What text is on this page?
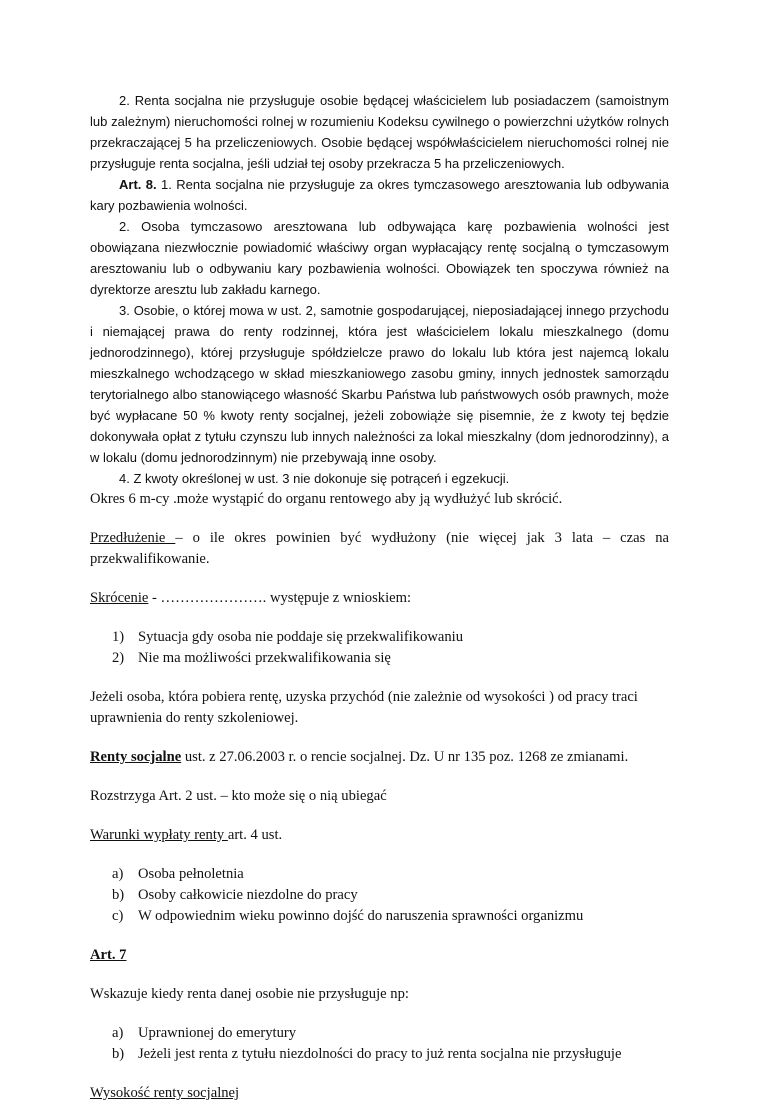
2. Renta socjalna nie przysługuje osobie będącej właścicielem lub posiadaczem (samoistnym lub zależnym) nieruchomości rolnej w rozumieniu Kodeksu cywilnego o powierzchni użytków rolnych przekraczającej 5 ha przeliczeniowych. Osobie będącej współwłaścicielem nieruchomości rolnej nie przysługuje renta socjalna, jeśli udział tej osoby przekracza 5 ha przeliczeniowych.

Art. 8. 1. Renta socjalna nie przysługuje za okres tymczasowego aresztowania lub odbywania kary pozbawienia wolności.

2. Osoba tymczasowo aresztowana lub odbywająca karę pozbawienia wolności jest obowiązana niezwłocznie powiadomić właściwy organ wypłacający rentę socjalną o tymczasowym aresztowaniu lub o odbywaniu kary pozbawienia wolności. Obowiązek ten spoczywa również na dyrektorze aresztu lub zakładu karnego.

3. Osobie, o której mowa w ust. 2, samotnie gospodarującej, nieposiadającej innego przychodu i niemającej prawa do renty rodzinnej, która jest właścicielem lokalu mieszkalnego (domu jednorodzinnego), której przysługuje spółdzielcze prawo do lokalu lub która jest najemcą lokalu mieszkalnego wchodzącego w skład mieszkaniowego zasobu gminy, innych jednostek samorządu terytorialnego albo stanowiącego własność Skarbu Państwa lub państwowych osób prawnych, może być wypłacane 50 % kwoty renty socjalnej, jeżeli zobowiąże się pisemnie, że z kwoty tej będzie dokonywała opłat z tytułu czynszu lub innych należności za lokal mieszkalny (dom jednorodzinny), a w lokalu (domu jednorodzinnym) nie przebywają inne osoby.

4. Z kwoty określonej w ust. 3 nie dokonuje się potrąceń i egzekucji.

Okres 6 m-cy .może wystąpić do organu rentowego aby ją wydłużyć lub skrócić.

Przedłużenie – o ile okres powinien być wydłużony (nie więcej jak 3 lata – czas na przekwalifikowanie.

Skrócenie - …………………. występuje z wnioskiem:

1) Sytuacja gdy osoba nie poddaje się przekwalifikowaniu
2) Nie ma możliwości przekwalifikowania się

Jeżeli osoba, która pobiera rentę, uzyska przychód (nie zależnie od wysokości ) od pracy traci uprawnienia do renty szkoleniowej.

Renty socjalne ust. z 27.06.2003 r. o rencie socjalnej. Dz. U nr 135 poz. 1268 ze zmianami.

Rozstrzyga Art. 2 ust. – kto może się o nią ubiegać

Warunki wypłaty renty art. 4 ust.

a) Osoba pełnoletnia
b) Osoby całkowicie niezdolne do pracy
c) W odpowiednim wieku powinno dojść do naruszenia sprawności organizmu

Art. 7

Wskazuje kiedy renta danej osobie nie przysługuje np:

a) Uprawnionej do emerytury
b) Jeżeli jest renta z tytułu niezdolności do pracy to już renta socjalna nie przysługuje

Wysokość renty socjalnej
